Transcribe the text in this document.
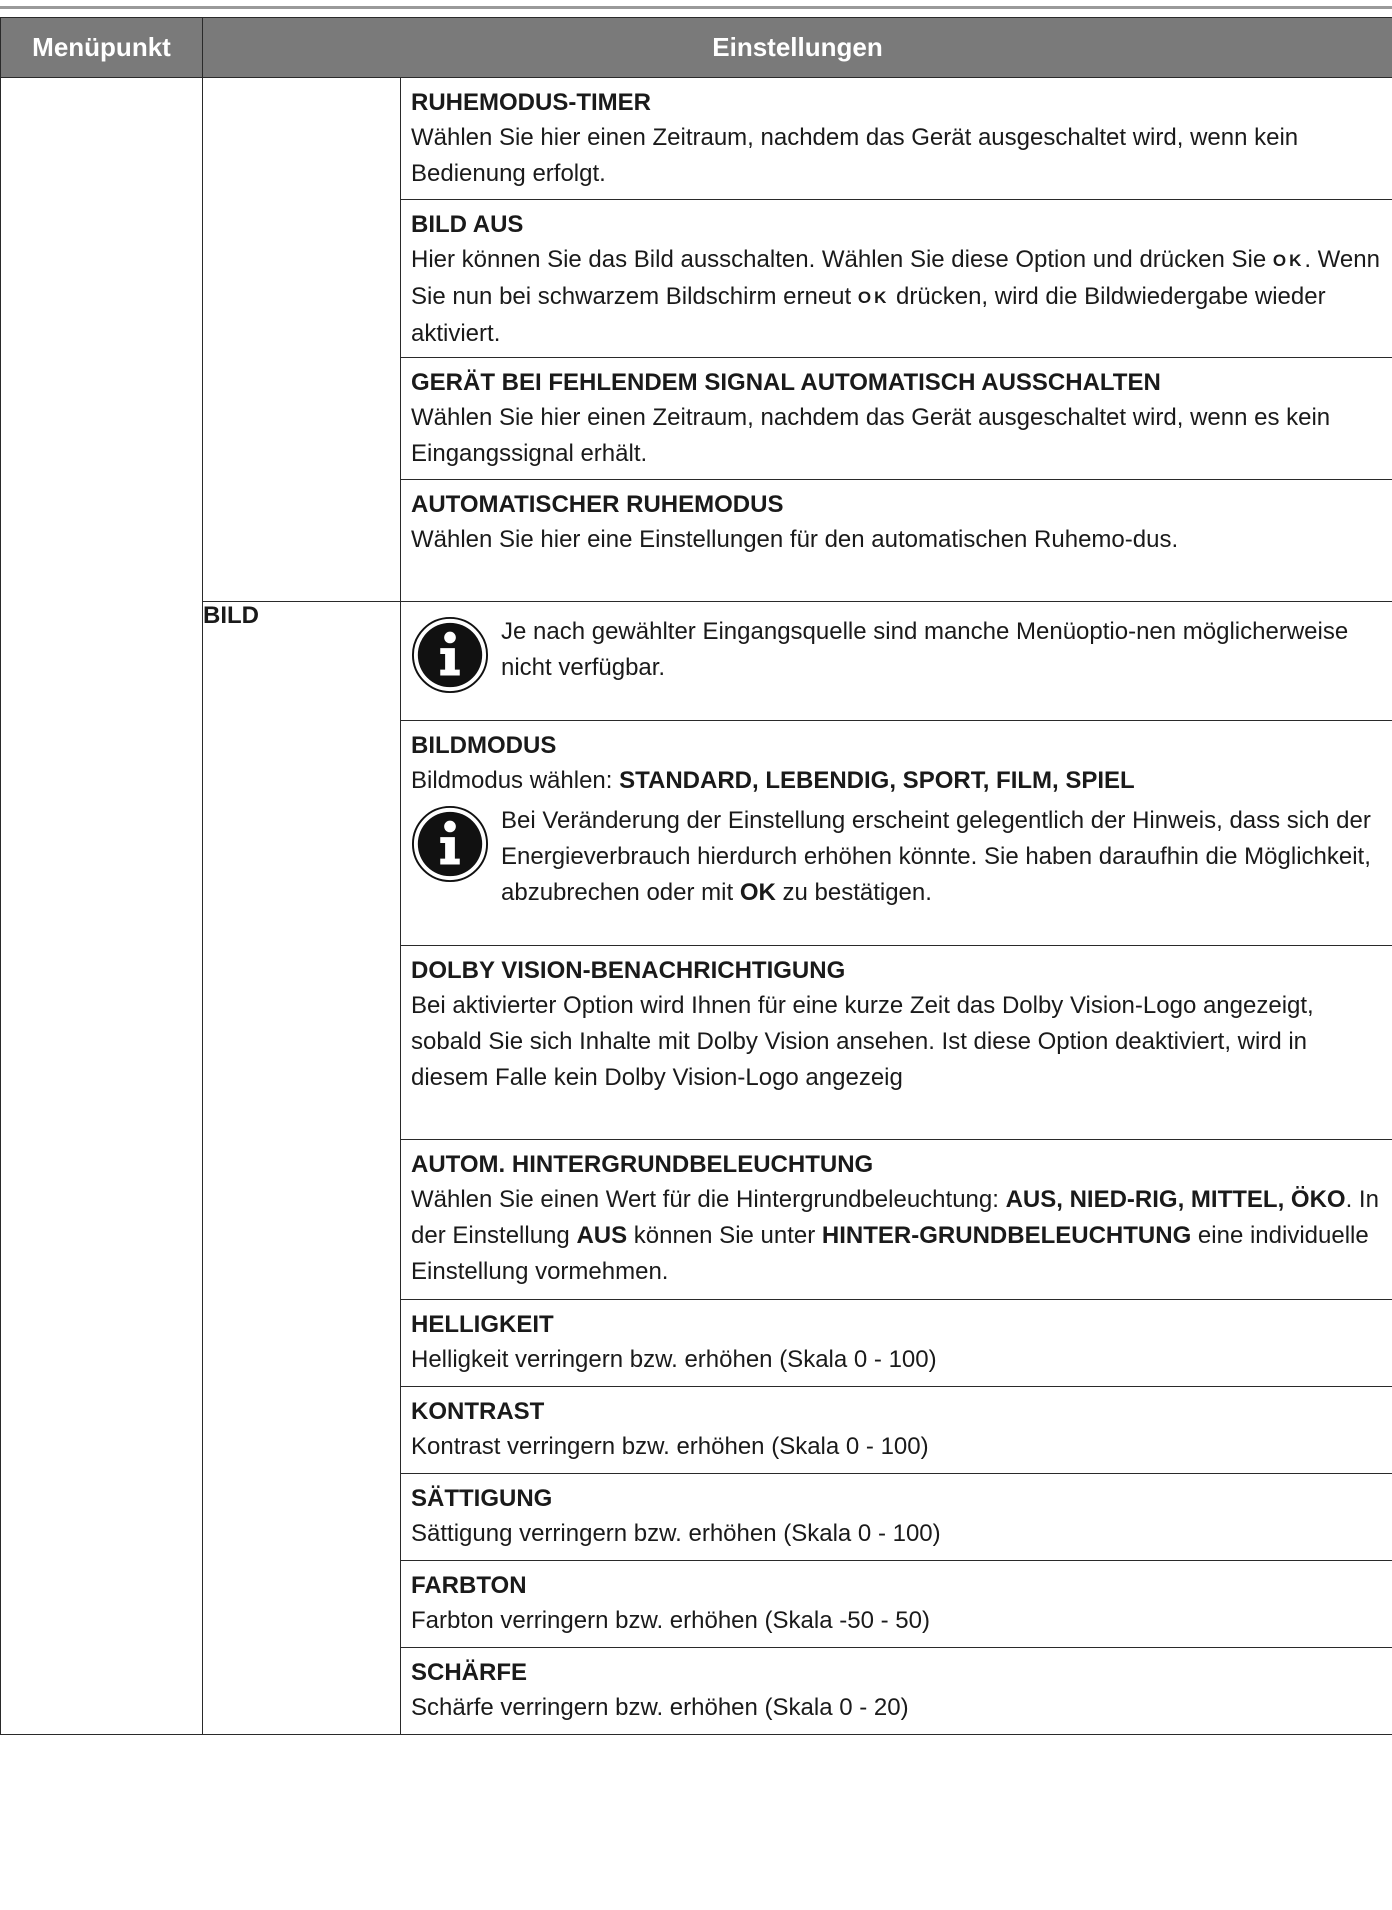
Menüpunkt	Einstellungen	

		RUHEMODUS-TIMER
Wählen Sie hier einen Zeitraum, nachdem das Gerät ausgeschaltet wird, wenn kein Bedienung erfolgt.

		BILD AUS
Hier können Sie das Bild ausschalten. Wählen Sie diese Option und drücken Sie OK. Wenn Sie nun bei schwarzem Bildschirm erneut OK drücken, wird die Bildwiedergabe wieder aktiviert.

		GERÄT BEI FEHLENDEM SIGNAL AUTOMATISCH AUSSCHALTEN
Wählen Sie hier einen Zeitraum, nachdem das Gerät ausgeschaltet wird, wenn es kein Eingangssignal erhält.

		AUTOMATISCHER RUHEMODUS
Wählen Sie hier eine Einstellungen für den automatischen Ruhemo-dus.

	BILD	Je nach gewählter Eingangsquelle sind manche Menüoptio-nen möglicherweise nicht verfügbar.

		BILDMODUS
Bildmodus wählen: STANDARD, LEBENDIG, SPORT, FILM, SPIEL
Bei Veränderung der Einstellung erscheint gelegentlich der Hinweis, dass sich der Energieverbrauch hierdurch erhöhen könnte. Sie haben daraufhin die Möglichkeit, abzubrechen oder mit OK zu bestätigen.

		DOLBY VISION-BENACHRICHTIGUNG
Bei aktivierter Option wird Ihnen für eine kurze Zeit das Dolby Vision-Logo angezeigt, sobald Sie sich Inhalte mit Dolby Vision ansehen. Ist diese Option deaktiviert, wird in diesem Falle kein Dolby Vision-Logo angezeig

		AUTOM. HINTERGRUNDBELEUCHTUNG
Wählen Sie einen Wert für die Hintergrundbeleuchtung: AUS, NIED-RIG, MITTEL, ÖKO. In der Einstellung AUS können Sie unter HINTER-GRUNDBELEUCHTUNG eine individuelle Einstellung vormehmen.

		HELLIGKEIT
Helligkeit verringern bzw. erhöhen (Skala 0 - 100)

		KONTRAST
Kontrast verringern bzw. erhöhen (Skala 0 - 100)

		SÄTTIGUNG
Sättigung verringern bzw. erhöhen (Skala 0 - 100)

		FARBTON
Farbton verringern bzw. erhöhen (Skala -50 - 50)

		SCHÄRFE
Schärfe verringern bzw. erhöhen (Skala 0 - 20)
